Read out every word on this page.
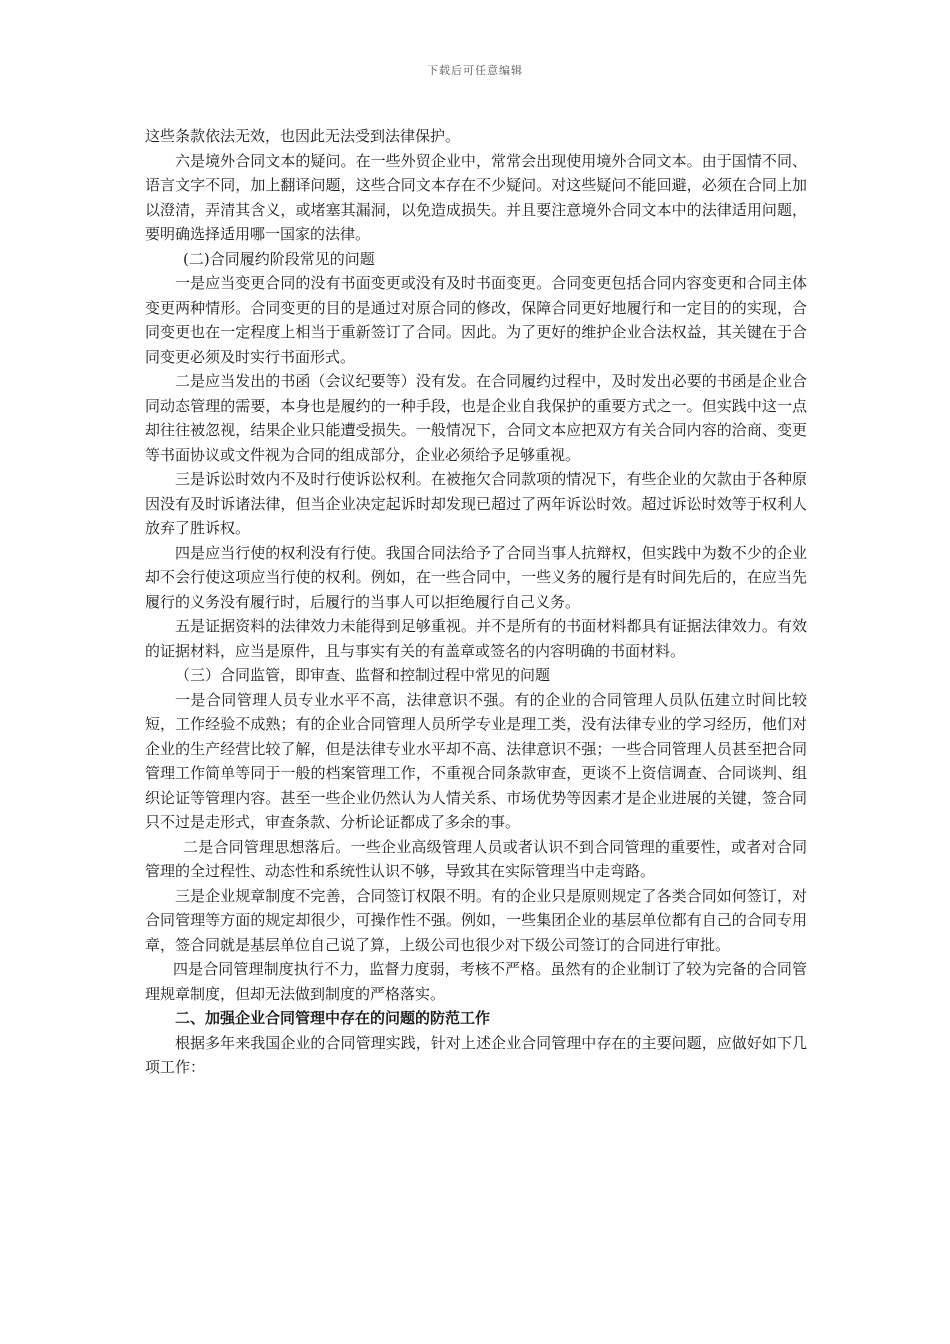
下载后可任意编辑

这些条款依法无效，也因此无法受到法律保护。

六是境外合同文本的疑问。在一些外贸企业中，常常会出现使用境外合同文本。由于国情不同、语言文字不同，加上翻译问题，这些合同文本存在不少疑问。对这些疑问不能回避，必须在合同上加以澄清，弄清其含义，或堵塞其漏洞，以免造成损失。并且要注意境外合同文本中的法律适用问题，要明确选择适用哪一国家的法律。

(二)合同履约阶段常见的问题

一是应当变更合同的没有书面变更或没有及时书面变更。合同变更包括合同内容变更和合同主体变更两种情形。合同变更的目的是通过对原合同的修改，保障合同更好地履行和一定目的的实现，合同变更也在一定程度上相当于重新签订了合同。因此。为了更好的维护企业合法权益，其关键在于合同变更必须及时实行书面形式。

二是应当发出的书函（会议纪要等）没有发。在合同履约过程中，及时发出必要的书函是企业合同动态管理的需要，本身也是履约的一种手段，也是企业自我保护的重要方式之一。但实践中这一点却往往被忽视，结果企业只能遭受损失。一般情况下，合同文本应把双方有关合同内容的洽商、变更等书面协议或文件视为合同的组成部分，企业必须给予足够重视。

三是诉讼时效内不及时行使诉讼权利。在被拖欠合同款项的情况下，有些企业的欠款由于各种原因没有及时诉诸法律，但当企业决定起诉时却发现已超过了两年诉讼时效。超过诉讼时效等于权利人放弃了胜诉权。

四是应当行使的权利没有行使。我国合同法给予了合同当事人抗辩权，但实践中为数不少的企业却不会行使这项应当行使的权利。例如，在一些合同中，一些义务的履行是有时间先后的，在应当先履行的义务没有履行时，后履行的当事人可以拒绝履行自己义务。

五是证据资料的法律效力未能得到足够重视。并不是所有的书面材料都具有证据法律效力。有效的证据材料，应当是原件，且与事实有关的有盖章或签名的内容明确的书面材料。

（三）合同监管，即审查、监督和控制过程中常见的问题

一是合同管理人员专业水平不高，法律意识不强。有的企业的合同管理人员队伍建立时间比较短，工作经验不成熟；有的企业合同管理人员所学专业是理工类，没有法律专业的学习经历，他们对企业的生产经营比较了解，但是法律专业水平却不高、法律意识不强；一些合同管理人员甚至把合同管理工作简单等同于一般的档案管理工作，不重视合同条款审查，更谈不上资信调查、合同谈判、组织论证等管理内容。甚至一些企业仍然认为人情关系、市场优势等因素才是企业进展的关键，签合同只不过是走形式，审查条款、分析论证都成了多余的事。

二是合同管理思想落后。一些企业高级管理人员或者认识不到合同管理的重要性，或者对合同管理的全过程性、动态性和系统性认识不够，导致其在实际管理当中走弯路。

三是企业规章制度不完善，合同签订权限不明。有的企业只是原则规定了各类合同如何签订，对合同管理等方面的规定却很少，可操作性不强。例如，一些集团企业的基层单位都有自己的合同专用章，签合同就是基层单位自己说了算，上级公司也很少对下级公司签订的合同进行审批。

四是合同管理制度执行不力，监督力度弱，考核不严格。虽然有的企业制订了较为完备的合同管理规章制度，但却无法做到制度的严格落实。

二、加强企业合同管理中存在的问题的防范工作

根据多年来我国企业的合同管理实践，针对上述企业合同管理中存在的主要问题，应做好如下几项工作：
